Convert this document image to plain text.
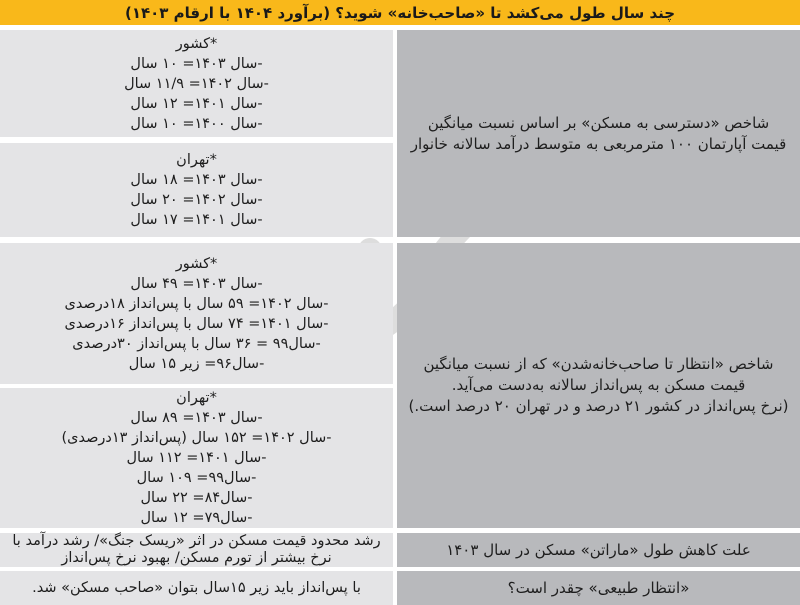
چند سال طول می‌کشد تا «صاحب‌خانه» شوید؟ (برآورد ۱۴۰۴ با ارقام ۱۴۰۳)
شاخص «دسترسی به مسکن» بر اساس نسبت میانگین
قیمت آپارتمان ۱۰۰ مترمربعی به متوسط درآمد سالانه خانوار
*کشور
-سال ۱۴۰۳= ۱۰ سال
-سال ۱۴۰۲= ۱۱/۹ سال
-سال ۱۴۰۱= ۱۲ سال
-سال ۱۴۰۰= ۱۰ سال
*تهران
-سال ۱۴۰۳= ۱۸ سال
-سال ۱۴۰۲= ۲۰ سال
-سال ۱۴۰۱= ۱۷ سال
شاخص «انتظار تا صاحب‌خانه‌شدن» که از نسبت میانگین
قیمت مسکن به پس‌انداز سالانه به‌دست می‌آید.
(نرخ پس‌انداز در کشور ۲۱ درصد و در تهران ۲۰ درصد است.)
*کشور
-سال ۱۴۰۳= ۴۹ سال
-سال ۱۴۰۲= ۵۹ سال با پس‌انداز ۱۸درصدی
-سال ۱۴۰۱= ۷۴ سال با پس‌انداز ۱۶درصدی
-سال۹۹ = ۳۶ سال با پس‌انداز ۳۰درصدی
-سال۹۶= زیر ۱۵ سال
*تهران
-سال ۱۴۰۳= ۸۹ سال
-سال ۱۴۰۲= ۱۵۲ سال (پس‌انداز ۱۳درصدی)
-سال ۱۴۰۱= ۱۱۲ سال
-سال۹۹= ۱۰۹ سال
-سال۸۴= ۲۲ سال
-سال۷۹= ۱۲ سال
علت کاهش طول «ماراتن» مسکن در سال ۱۴۰۳
رشد محدود قیمت مسکن در اثر «ریسک جنگ»/ رشد درآمد با
نرخ بیشتر از تورم مسکن/ بهبود نرخ پس‌انداز
«انتظار طبیعی» چقدر است؟
با پس‌انداز باید زیر ۱۵سال بتوان «صاحب مسکن» شد.
